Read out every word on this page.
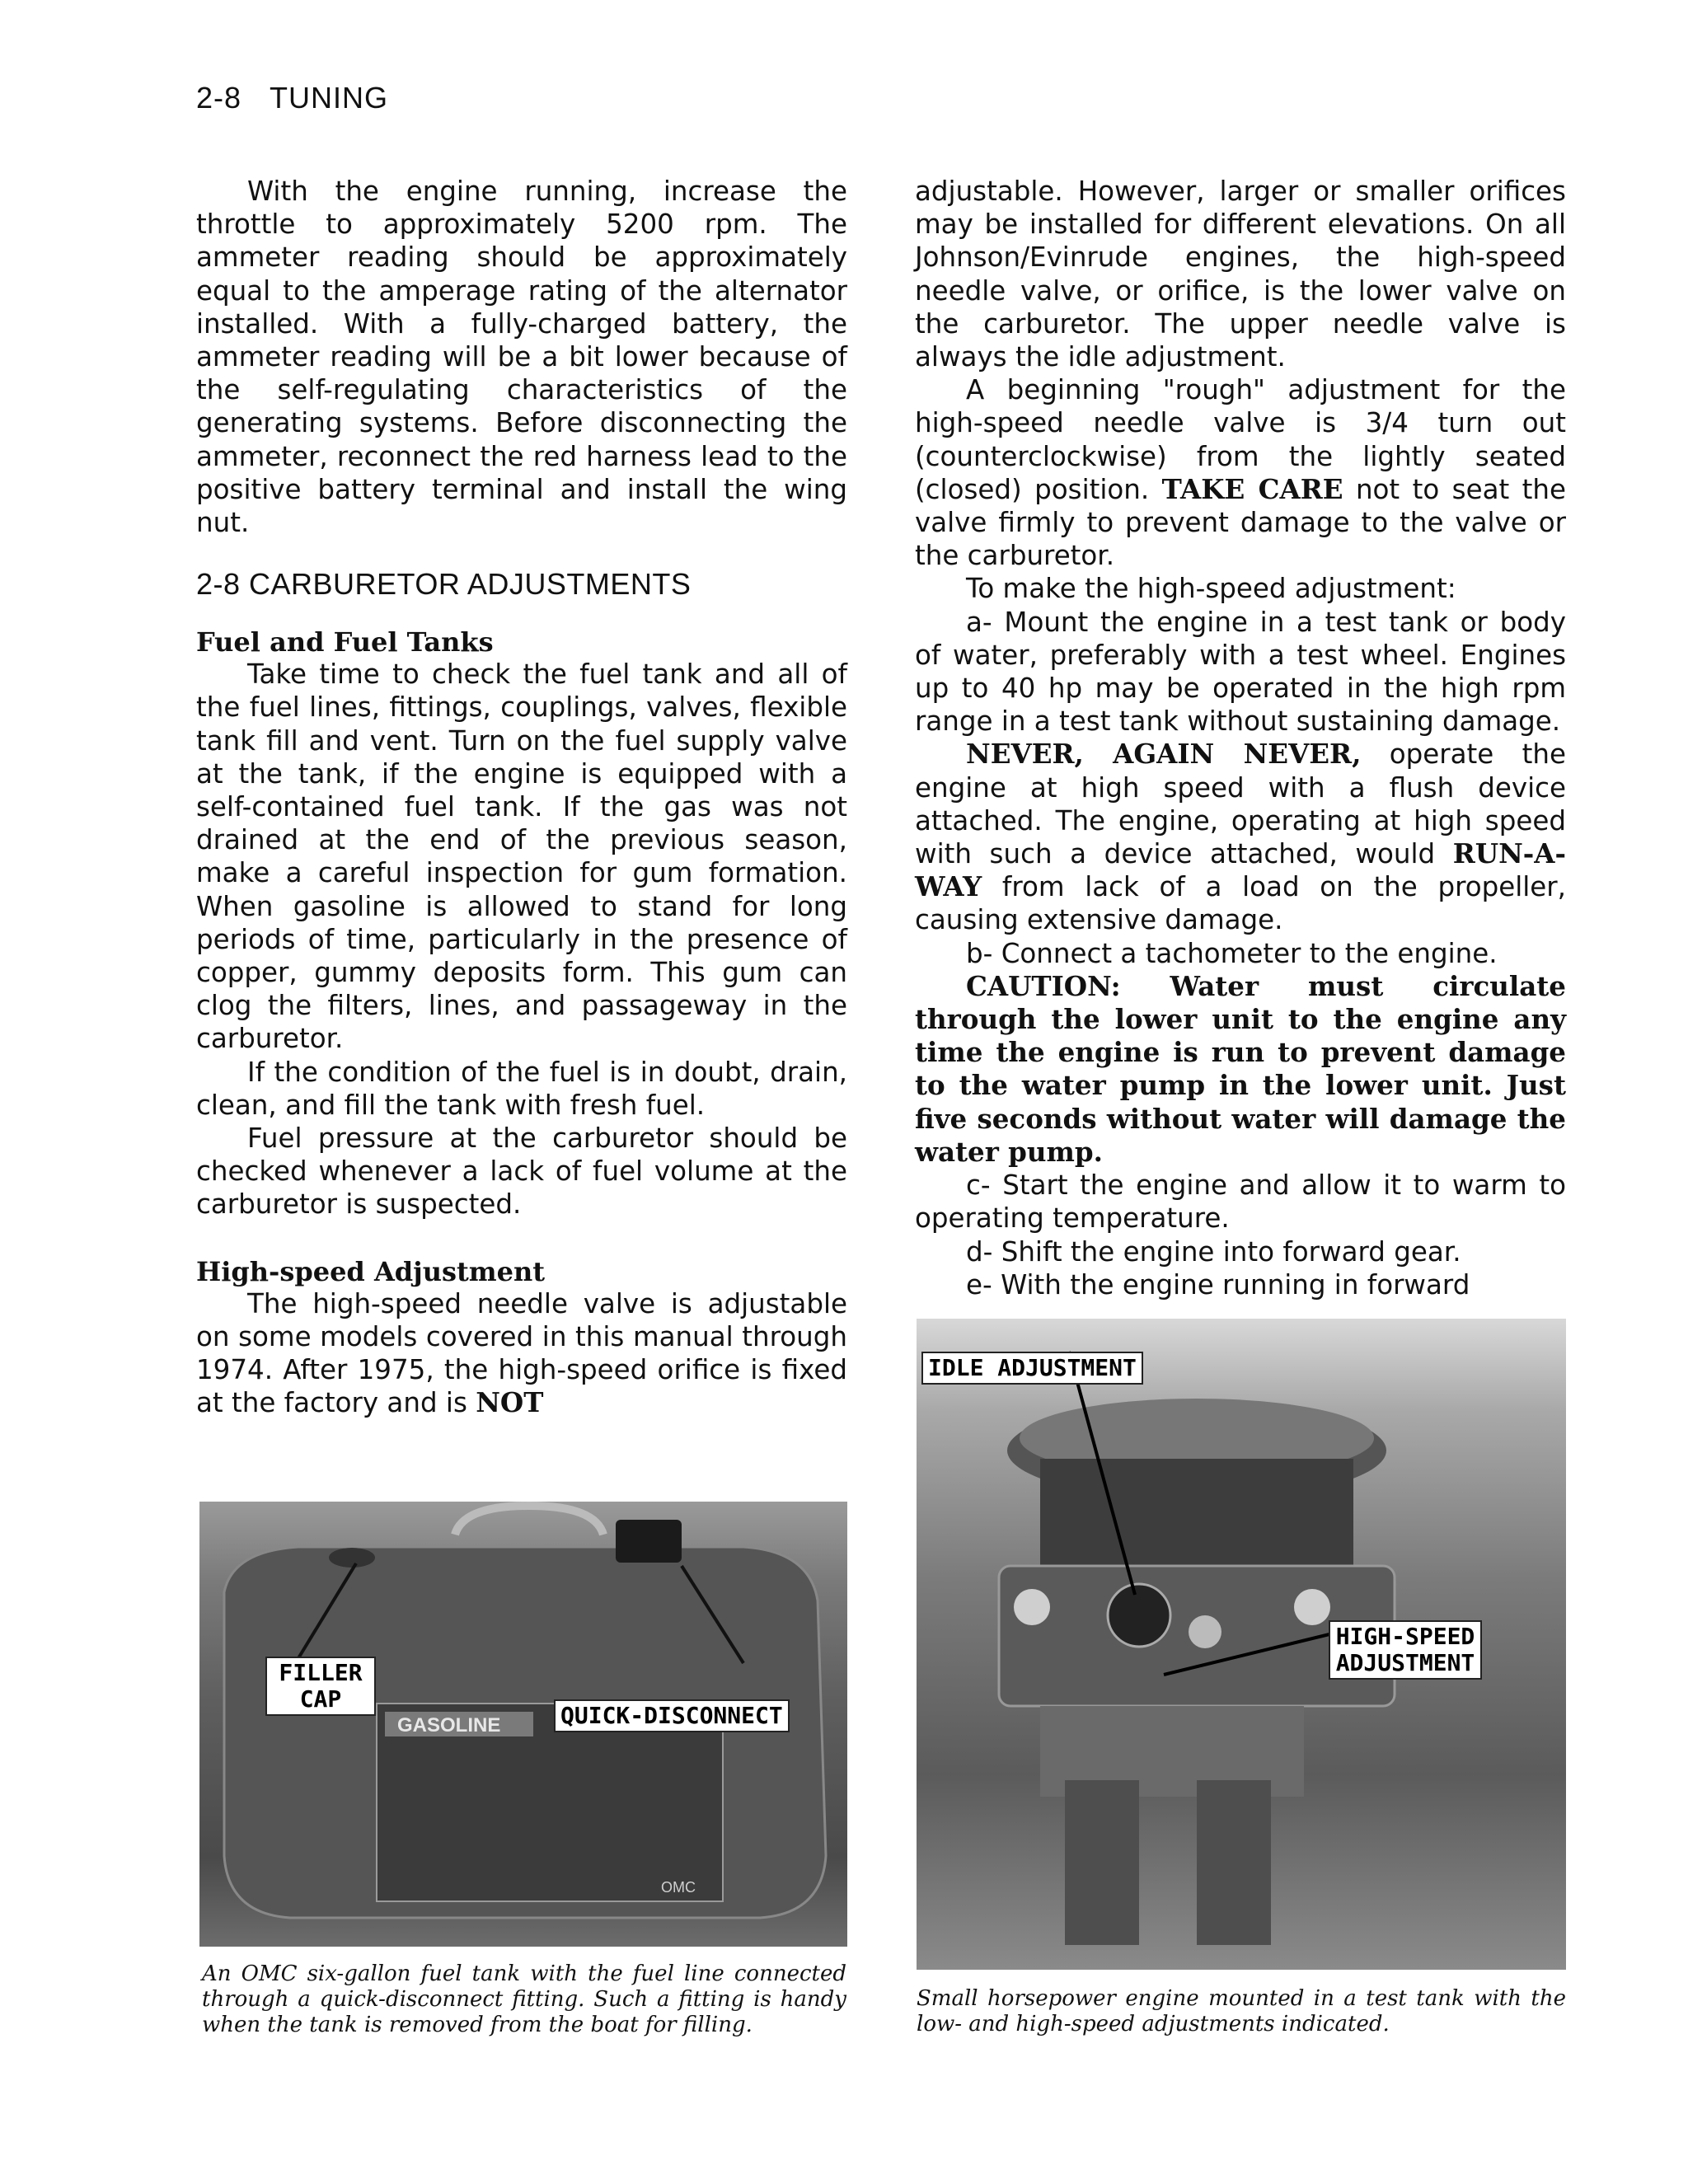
2-8 TUNING

With the engine running, increase the throttle to approximately 5200 rpm. The ammeter reading should be approximately equal to the amperage rating of the alternator installed. With a fully-charged battery, the ammeter reading will be a bit lower because of the self-regulating characteristics of the generating systems. Before disconnecting the ammeter, reconnect the red harness lead to the positive battery terminal and install the wing nut.

2-8 CARBURETOR ADJUSTMENTS
Fuel and Fuel Tanks

Take time to check the fuel tank and all of the fuel lines, fittings, couplings, valves, flexible tank fill and vent. Turn on the fuel supply valve at the tank, if the engine is equipped with a self-contained fuel tank. If the gas was not drained at the end of the previous season, make a careful inspection for gum formation. When gasoline is allowed to stand for long periods of time, particularly in the presence of copper, gummy deposits form. This gum can clog the filters, lines, and passageway in the carburetor.

If the condition of the fuel is in doubt, drain, clean, and fill the tank with fresh fuel.

Fuel pressure at the carburetor should be checked whenever a lack of fuel volume at the carburetor is suspected.

High-speed Adjustment

The high-speed needle valve is adjustable on some models covered in this manual through 1974. After 1975, the high-speed orifice is fixed at the factory and is NOT

adjustable. However, larger or smaller orifices may be installed for different elevations. On all Johnson/Evinrude engines, the high-speed needle valve, or orifice, is the lower valve on the carburetor. The upper needle valve is always the idle adjustment.

A beginning "rough" adjustment for the high-speed needle valve is 3/4 turn out (counterclockwise) from the lightly seated (closed) position. TAKE CARE not to seat the valve firmly to prevent damage to the valve or the carburetor.

To make the high-speed adjustment:

a- Mount the engine in a test tank or body of water, preferably with a test wheel. Engines up to 40 hp may be operated in the high rpm range in a test tank without sustaining damage.

NEVER, AGAIN NEVER, operate the engine at high speed with a flush device attached. The engine, operating at high speed with such a device attached, would RUN-A-WAY from lack of a load on the propeller, causing extensive damage.

b- Connect a tachometer to the engine.

CAUTION: Water must circulate through the lower unit to the engine any time the engine is run to prevent damage to the water pump in the lower unit. Just five seconds without water will damage the water pump.

c- Start the engine and allow it to warm to operating temperature.

d- Shift the engine into forward gear.

e- With the engine running in forward

GASOLINE
OMC
FILLER CAP
QUICK-DISCONNECT
An OMC six-gallon fuel tank with the fuel line connected through a quick-disconnect fitting. Such a fitting is handy when the tank is removed from the boat for filling.
IDLE ADJUSTMENT
HIGH-SPEED ADJUSTMENT
Small horsepower engine mounted in a test tank with the low- and high-speed adjustments indicated.
